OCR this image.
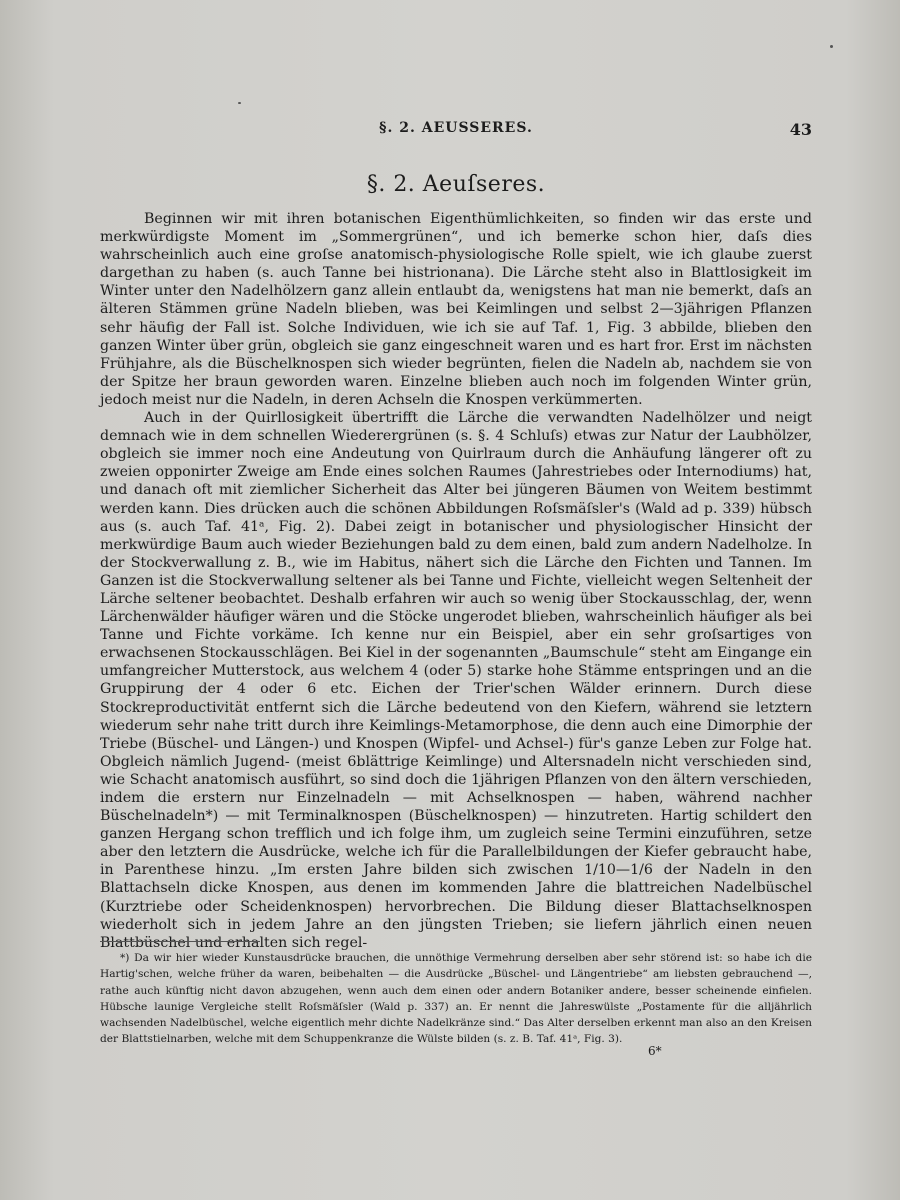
§. 2. AEUSSERES.	43
§. 2. Aeuſseres.

Beginnen wir mit ihren botanischen Eigenthümlichkeiten, so finden wir das erste und merkwürdigste Moment im „Sommergrünen“, und ich bemerke schon hier, daſs dies wahrscheinlich auch eine groſse anatomisch-physiologische Rolle spielt, wie ich glaube zuerst dargethan zu haben (s. auch Tanne bei histrionana). Die Lärche steht also in Blattlosigkeit im Winter unter den Nadelhölzern ganz allein entlaubt da, wenigstens hat man nie bemerkt, daſs an älteren Stämmen grüne Nadeln blieben, was bei Keimlingen und selbst 2—3jährigen Pflanzen sehr häufig der Fall ist. Solche Individuen, wie ich sie auf Taf. 1, Fig. 3 abbilde, blieben den ganzen Winter über grün, obgleich sie ganz eingeschneit waren und es hart fror. Erst im nächsten Frühjahre, als die Büschelknospen sich wieder begrünten, fielen die Nadeln ab, nachdem sie von der Spitze her braun geworden waren. Einzelne blieben auch noch im folgenden Winter grün, jedoch meist nur die Nadeln, in deren Achseln die Knospen verkümmerten.

Auch in der Quirllosigkeit übertrifft die Lärche die verwandten Nadelhölzer und neigt demnach wie in dem schnellen Wiederergrünen (s. §. 4 Schluſs) etwas zur Natur der Laubhölzer, obgleich sie immer noch eine Andeutung von Quirlraum durch die Anhäufung längerer oft zu zweien opponirter Zweige am Ende eines solchen Raumes (Jahrestriebes oder Internodiums) hat, und danach oft mit ziemlicher Sicherheit das Alter bei jüngeren Bäumen von Weitem bestimmt werden kann. Dies drücken auch die schönen Abbildungen Roſsmäſsler's (Wald ad p. 339) hübsch aus (s. auch Taf. 41ᵃ, Fig. 2). Dabei zeigt in botanischer und physiologischer Hinsicht der merkwürdige Baum auch wieder Beziehungen bald zu dem einen, bald zum andern Nadelholze. In der Stockverwallung z. B., wie im Habitus, nähert sich die Lärche den Fichten und Tannen. Im Ganzen ist die Stockverwallung seltener als bei Tanne und Fichte, vielleicht wegen Seltenheit der Lärche seltener beobachtet. Deshalb erfahren wir auch so wenig über Stockausschlag, der, wenn Lärchenwälder häufiger wären und die Stöcke ungerodet blieben, wahrscheinlich häufiger als bei Tanne und Fichte vorkäme. Ich kenne nur ein Beispiel, aber ein sehr groſsartiges von erwachsenen Stockausschlägen. Bei Kiel in der sogenannten „Baumschule“ steht am Eingange ein umfangreicher Mutterstock, aus welchem 4 (oder 5) starke hohe Stämme entspringen und an die Gruppirung der 4 oder 6 etc. Eichen der Trier'schen Wälder erinnern. Durch diese Stockreproductivität entfernt sich die Lärche bedeutend von den Kiefern, während sie letztern wiederum sehr nahe tritt durch ihre Keimlings-Metamorphose, die denn auch eine Dimorphie der Triebe (Büschel- und Längen-) und Knospen (Wipfel- und Achsel-) für's ganze Leben zur Folge hat. Obgleich nämlich Jugend- (meist 6blättrige Keimlinge) und Altersnadeln nicht verschieden sind, wie Schacht anatomisch ausführt, so sind doch die 1jährigen Pflanzen von den ältern verschieden, indem die erstern nur Einzelnadeln — mit Achselknospen — haben, während nachher Büschelnadeln*) — mit Terminalknospen (Büschelknospen) — hinzutreten. Hartig schildert den ganzen Hergang schon trefflich und ich folge ihm, um zugleich seine Termini einzuführen, setze aber den letztern die Ausdrücke, welche ich für die Parallelbildungen der Kiefer gebraucht habe, in Parenthese hinzu. „Im ersten Jahre bilden sich zwischen 1/10—1/6 der Nadeln in den Blattachseln dicke Knospen, aus denen im kommenden Jahre die blattreichen Nadelbüschel (Kurztriebe oder Scheidenknospen) hervorbrechen. Die Bildung dieser Blattachselknospen wiederholt sich in jedem Jahre an den jüngsten Trieben; sie liefern jährlich einen neuen Blattbüschel und erhalten sich regel-

*) Da wir hier wieder Kunstausdrücke brauchen, die unnöthige Vermehrung derselben aber sehr störend ist: so habe ich die Hartig'schen, welche früher da waren, beibehalten — die Ausdrücke „Büschel- und Längentriebe“ am liebsten gebrauchend —, rathe auch künftig nicht davon abzugehen, wenn auch dem einen oder andern Botaniker andere, besser scheinende einfielen. Hübsche launige Vergleiche stellt Roſsmäſsler (Wald p. 337) an. Er nennt die Jahreswülste „Postamente für die alljährlich wachsenden Nadelbüschel, welche eigentlich mehr dichte Nadelkränze sind.“ Das Alter derselben erkennt man also an den Kreisen der Blattstielnarben, welche mit dem Schuppenkranze die Wülste bilden (s. z. B. Taf. 41ᵃ, Fig. 3).

6*
